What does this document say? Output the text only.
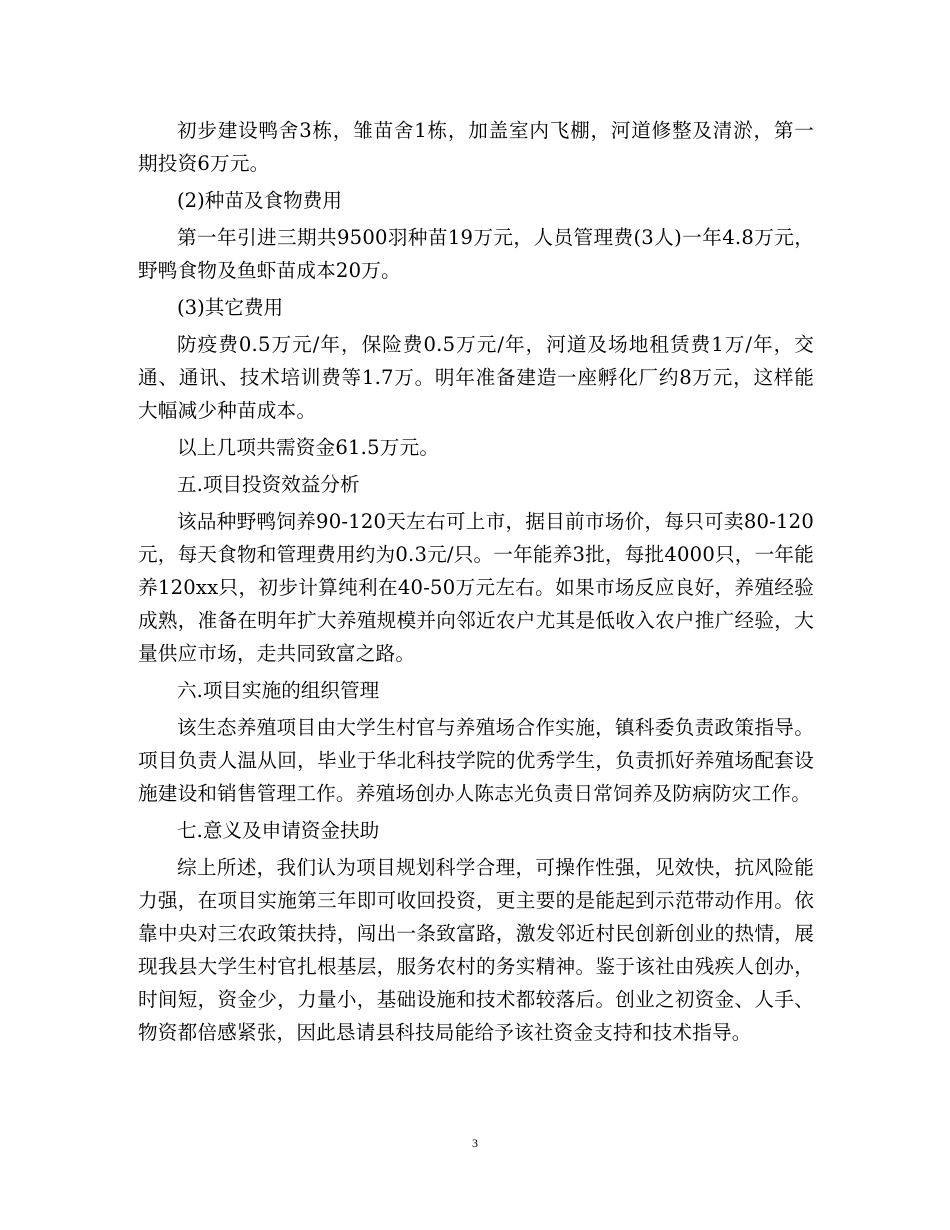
初步建设鸭舍3栋，雏苗舍1栋，加盖室内飞棚，河道修整及清淤，第一期投资6万元。

(2)种苗及食物费用

第一年引进三期共9500羽种苗19万元，人员管理费(3人)一年4.8万元，野鸭食物及鱼虾苗成本20万。

(3)其它费用

防疫费0.5万元/年，保险费0.5万元/年，河道及场地租赁费1万/年，交通、通讯、技术培训费等1.7万。明年准备建造一座孵化厂约8万元，这样能大幅减少种苗成本。

以上几项共需资金61.5万元。

五.项目投资效益分析

该品种野鸭饲养90-120天左右可上市，据目前市场价，每只可卖80-120元，每天食物和管理费用约为0.3元/只。一年能养3批，每批4000只，一年能养120xx只，初步计算纯利在40-50万元左右。如果市场反应良好，养殖经验成熟，准备在明年扩大养殖规模并向邻近农户尤其是低收入农户推广经验，大量供应市场，走共同致富之路。

六.项目实施的组织管理

该生态养殖项目由大学生村官与养殖场合作实施，镇科委负责政策指导。项目负责人温从回，毕业于华北科技学院的优秀学生，负责抓好养殖场配套设施建设和销售管理工作。养殖场创办人陈志光负责日常饲养及防病防灾工作。

七.意义及申请资金扶助

综上所述，我们认为项目规划科学合理，可操作性强，见效快，抗风险能力强，在项目实施第三年即可收回投资，更主要的是能起到示范带动作用。依靠中央对三农政策扶持，闯出一条致富路，激发邻近村民创新创业的热情，展现我县大学生村官扎根基层，服务农村的务实精神。鉴于该社由残疾人创办，时间短，资金少，力量小，基础设施和技术都较落后。创业之初资金、人手、物资都倍感紧张，因此恳请县科技局能给予该社资金支持和技术指导。

3
